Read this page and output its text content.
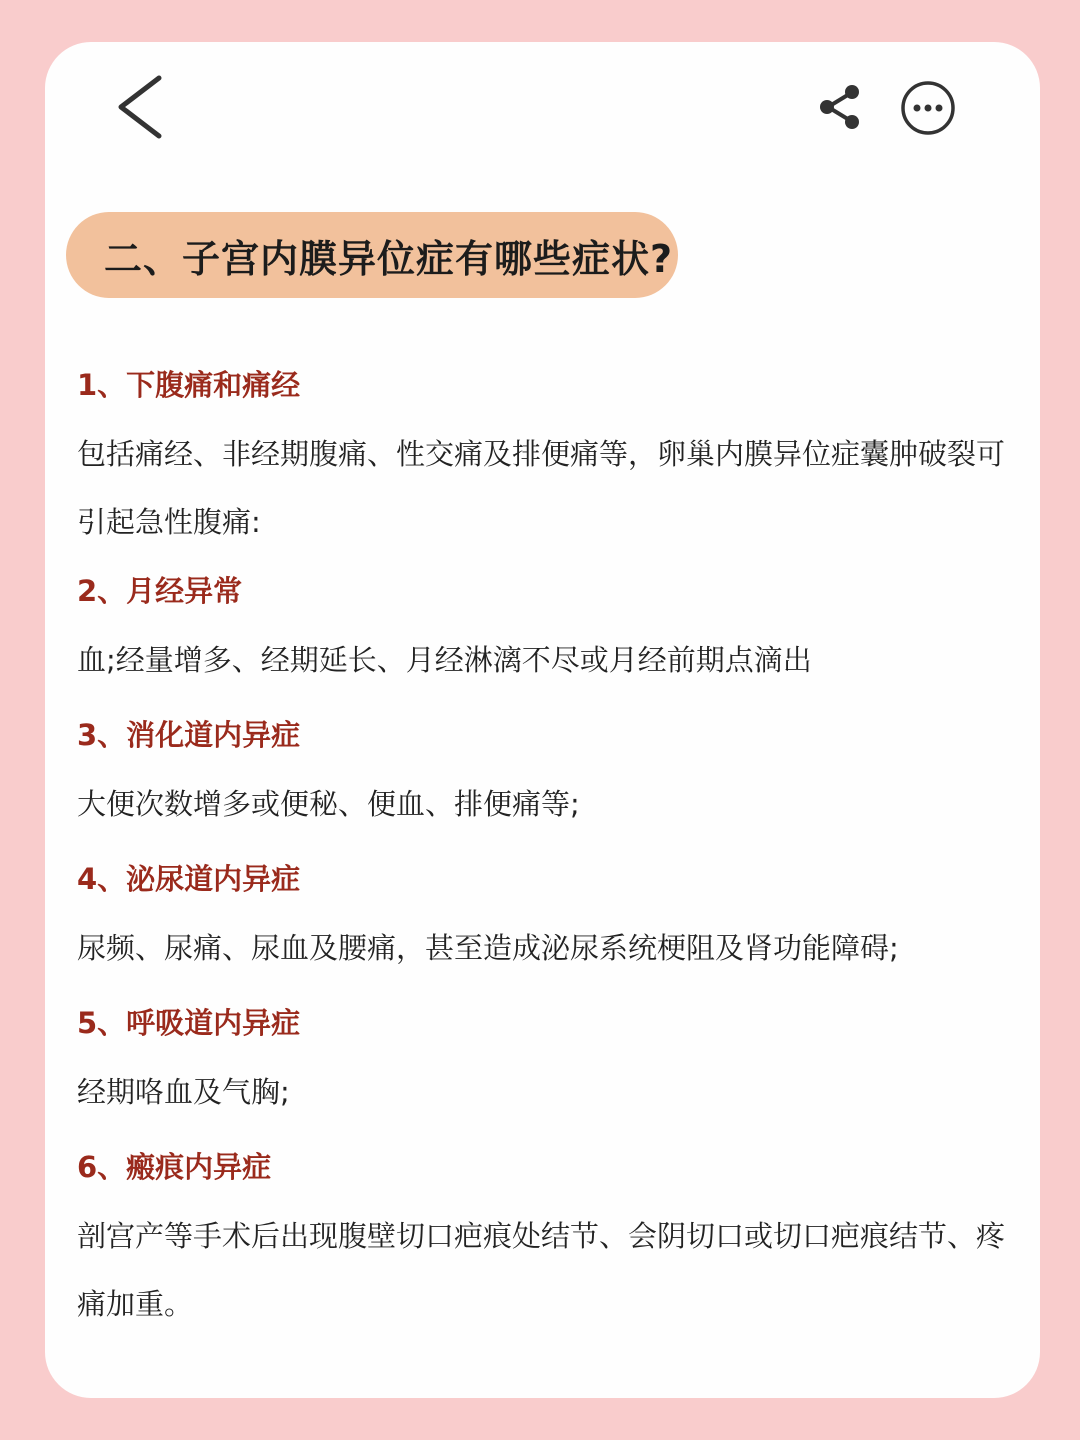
二、子宫内膜异位症有哪些症状?
1、下腹痛和痛经
包括痛经、非经期腹痛、性交痛及排便痛等，卵巢内膜异位症囊肿破裂可引起急性腹痛:
2、月经异常
血;经量增多、经期延长、月经淋漓不尽或月经前期点滴出
3、消化道内异症
大便次数增多或便秘、便血、排便痛等;
4、泌尿道内异症
尿频、尿痛、尿血及腰痛，甚至造成泌尿系统梗阻及肾功能障碍;
5、呼吸道内异症
经期咯血及气胸;
6、瘢痕内异症
剖宫产等手术后出现腹壁切口疤痕处结节、会阴切口或切口疤痕结节、疼痛加重。
